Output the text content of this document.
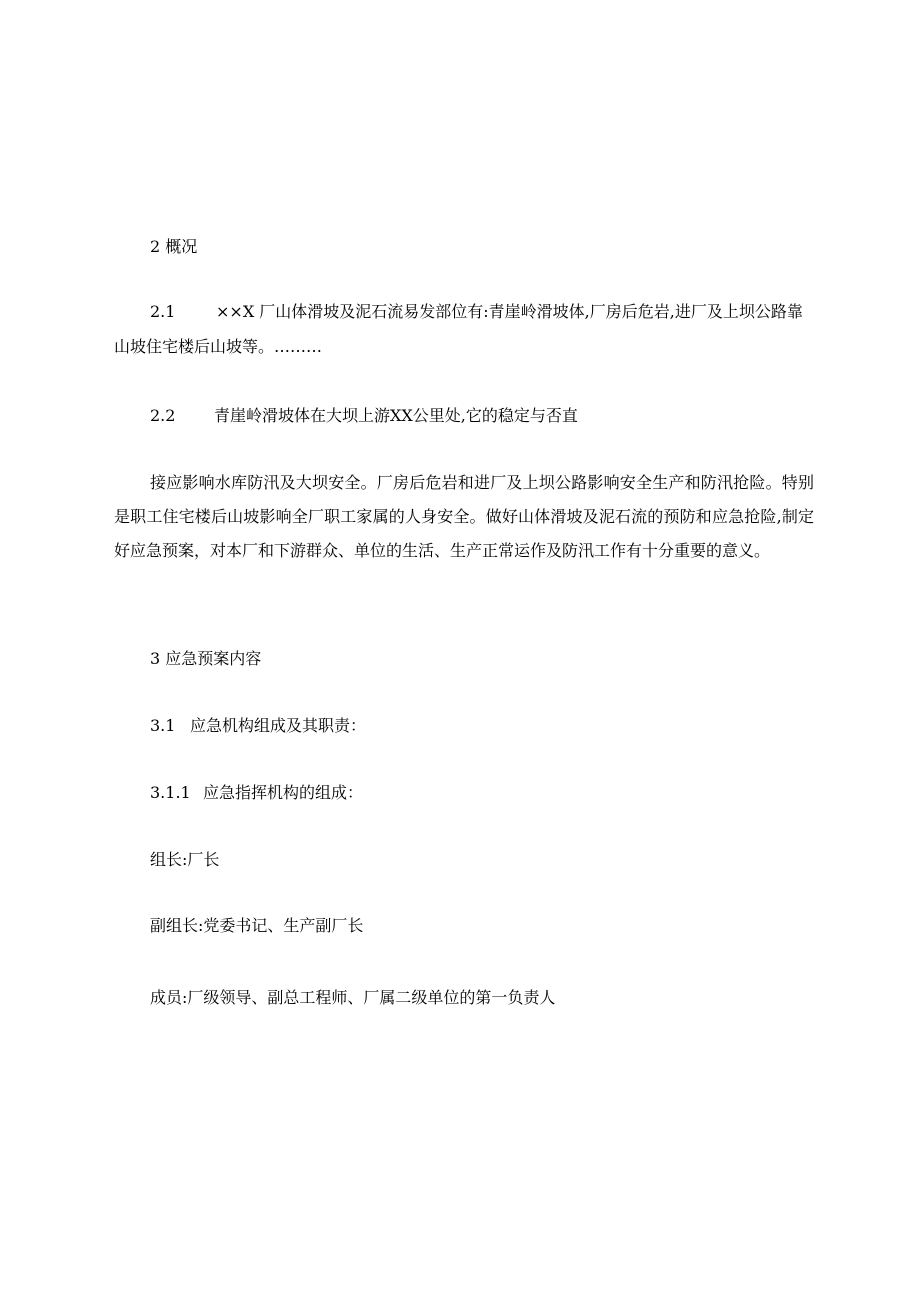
2 概况
2.1	××X 厂山体滑坡及泥石流易发部位有:青崖岭滑坡体,厂房后危岩,进厂及上坝公路靠
山坡住宅楼后山坡等。………
2.2 青崖岭滑坡体在大坝上游XX公里处,它的稳定与否直
接应影响水库防汛及大坝安全。厂房后危岩和进厂及上坝公路影响安全生产和防汛抢险。特别是职工住宅楼后山坡影响全厂职工家属的人身安全。做好山体滑坡及泥石流的预防和应急抢险,制定好应急预案，对本厂和下游群众、单位的生活、生产正常运作及防汛工作有十分重要的意义。
3 应急预案内容
3.1 应急机构组成及其职责：
3.1.1 应急指挥机构的组成：
组长:厂长
副组长:党委书记、生产副厂长
成员:厂级领导、副总工程师、厂属二级单位的第一负责人
